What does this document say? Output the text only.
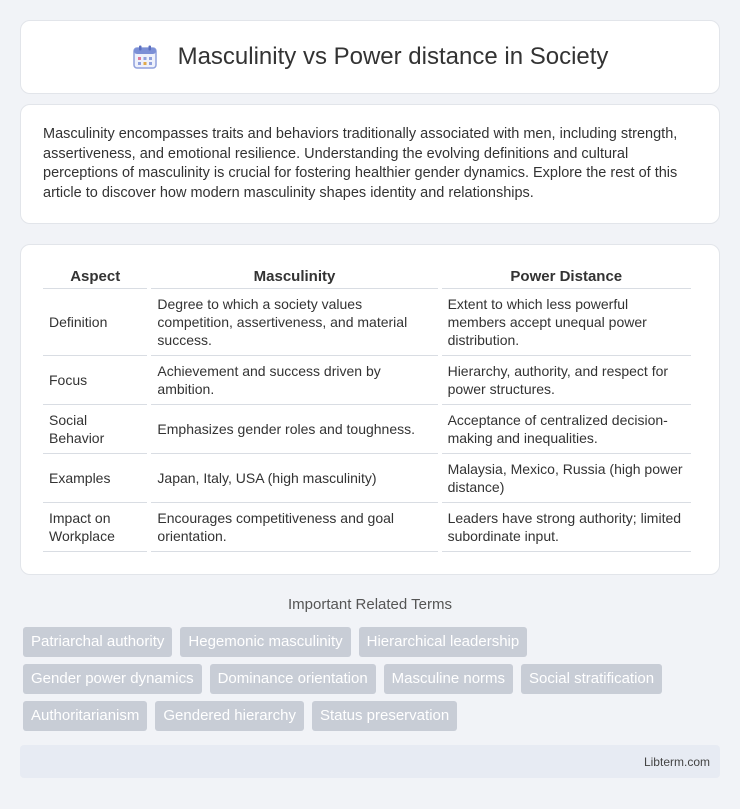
Masculinity vs Power distance in Society

Masculinity encompasses traits and behaviors traditionally associated with men, including strength, assertiveness, and emotional resilience. Understanding the evolving definitions and cultural perceptions of masculinity is crucial for fostering healthier gender dynamics. Explore the rest of this article to discover how modern masculinity shapes identity and relationships.

Aspect	Masculinity	Power Distance
Definition	Degree to which a society values competition, assertiveness, and material success.	Extent to which less powerful members accept unequal power distribution.
Focus	Achievement and success driven by ambition.	Hierarchy, authority, and respect for power structures.
Social Behavior	Emphasizes gender roles and toughness.	Acceptance of centralized decision-making and inequalities.
Examples	Japan, Italy, USA (high masculinity)	Malaysia, Mexico, Russia (high power distance)
Impact on Workplace	Encourages competitiveness and goal orientation.	Leaders have strong authority; limited subordinate input.
Important Related Terms
Patriarchal authority	Hegemonic masculinity	Hierarchical leadership
Gender power dynamics	Dominance orientation	Masculine norms	Social stratification
Authoritarianism	Gendered hierarchy	Status preservation
Libterm.com
